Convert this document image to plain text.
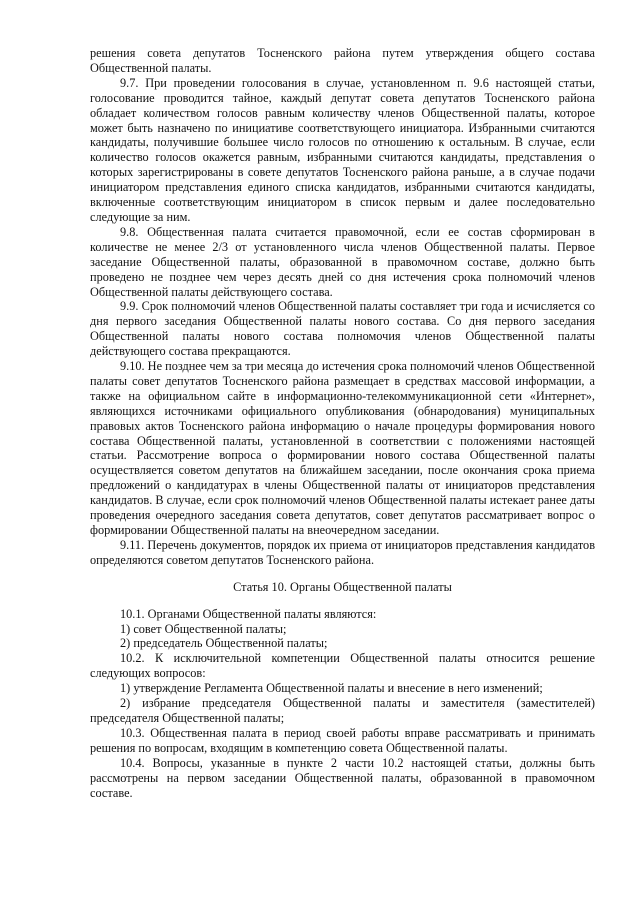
решения совета депутатов Тосненского района путем утверждения общего состава Общественной палаты.

9.7. При проведении голосования в случае, установленном п. 9.6 настоящей статьи, голосование проводится тайное, каждый депутат совета депутатов Тосненского района обладает количеством голосов равным количеству членов Общественной палаты, которое может быть назначено по инициативе соответствующего инициатора. Избранными считаются кандидаты, получившие большее число голосов по отношению к остальным. В случае, если количество голосов окажется равным, избранными считаются кандидаты, представления о которых зарегистрированы в совете депутатов Тосненского района раньше, а в случае подачи инициатором представления единого списка кандидатов, избранными считаются кандидаты, включенные соответствующим инициатором в список первым и далее последовательно следующие за ним.

9.8. Общественная палата считается правомочной, если ее состав сформирован в количестве не менее 2/3 от установленного числа членов Общественной палаты. Первое заседание Общественной палаты, образованной в правомочном составе, должно быть проведено не позднее чем через десять дней со дня истечения срока полномочий членов Общественной палаты действующего состава.

9.9. Срок полномочий членов Общественной палаты составляет три года и исчисляется со дня первого заседания Общественной палаты нового состава. Со дня первого заседания Общественной палаты нового состава полномочия членов Общественной палаты действующего состава прекращаются.

9.10. Не позднее чем за три месяца до истечения срока полномочий членов Общественной палаты совет депутатов Тосненского района размещает в средствах массовой информации, а также на официальном сайте в информационно-телекоммуникационной сети «Интернет», являющихся источниками официального опубликования (обнародования) муниципальных правовых актов Тосненского района информацию о начале процедуры формирования нового состава Общественной палаты, установленной в соответствии с положениями настоящей статьи. Рассмотрение вопроса о формировании нового состава Общественной палаты осуществляется советом депутатов на ближайшем заседании, после окончания срока приема предложений о кандидатурах в члены Общественной палаты от инициаторов представления кандидатов. В случае, если срок полномочий членов Общественной палаты истекает ранее даты проведения очередного заседания совета депутатов, совет депутатов рассматривает вопрос о формировании Общественной палаты на внеочередном заседании.

9.11. Перечень документов, порядок их приема от инициаторов представления кандидатов определяются советом депутатов Тосненского района.

Статья 10. Органы Общественной палаты

10.1. Органами Общественной палаты являются:

1) совет Общественной палаты;

2) председатель Общественной палаты;

10.2. К исключительной компетенции Общественной палаты относится решение следующих вопросов:

1) утверждение Регламента Общественной палаты и внесение в него изменений;

2) избрание председателя Общественной палаты и заместителя (заместителей) председателя Общественной палаты;

10.3. Общественная палата в период своей работы вправе рассматривать и принимать решения по вопросам, входящим в компетенцию совета Общественной палаты.

10.4. Вопросы, указанные в пункте 2 части 10.2 настоящей статьи, должны быть рассмотрены на первом заседании Общественной палаты, образованной в правомочном составе.
